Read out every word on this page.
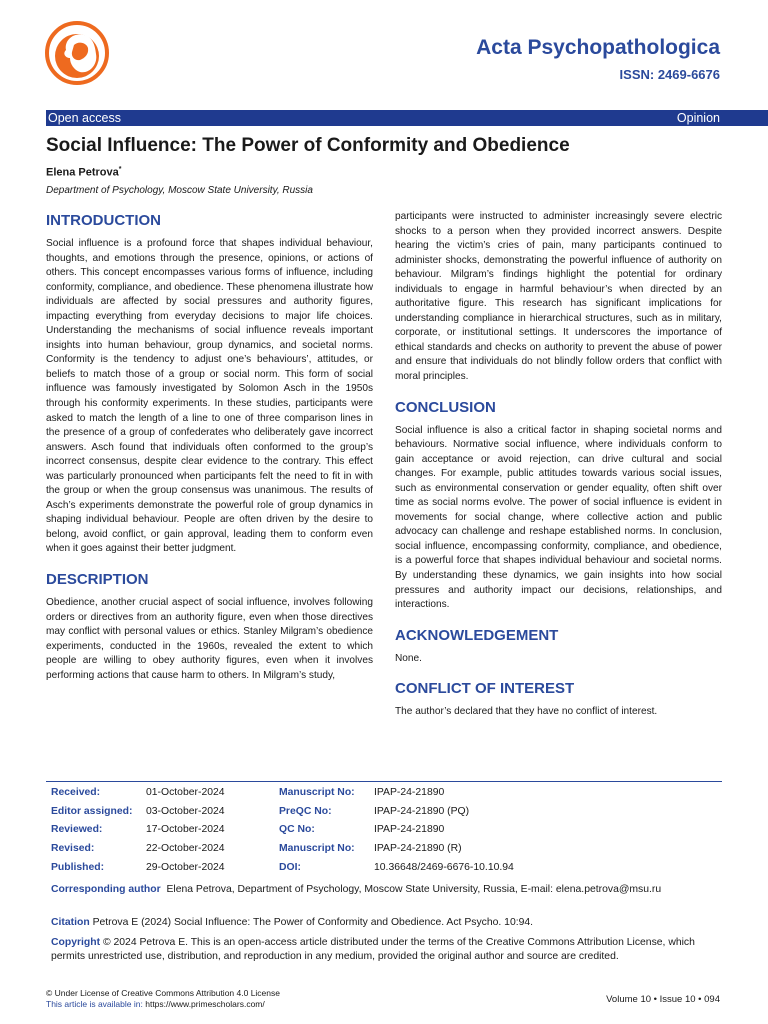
Acta Psychopathologica
ISSN: 2469-6676
Open access	Opinion
Social Influence: The Power of Conformity and Obedience
Elena Petrova*
Department of Psychology, Moscow State University, Russia
INTRODUCTION
Social influence is a profound force that shapes individual behaviour, thoughts, and emotions through the presence, opinions, or actions of others. This concept encompasses various forms of influence, including conformity, compliance, and obedience. These phenomena illustrate how individuals are affected by social pressures and authority figures, impacting everything from everyday decisions to major life choices. Understanding the mechanisms of social influence reveals important insights into human behaviour, group dynamics, and societal norms. Conformity is the tendency to adjust one’s behaviours’, attitudes, or beliefs to match those of a group or social norm. This form of social influence was famously investigated by Solomon Asch in the 1950s through his conformity experiments. In these studies, participants were asked to match the length of a line to one of three comparison lines in the presence of a group of confederates who deliberately gave incorrect answers. Asch found that individuals often conformed to the group’s incorrect consensus, despite clear evidence to the contrary. This effect was particularly pronounced when participants felt the need to fit in with the group or when the group consensus was unanimous. The results of Asch’s experiments demonstrate the powerful role of group dynamics in shaping individual behaviour. People are often driven by the desire to belong, avoid conflict, or gain approval, leading them to conform even when it goes against their better judgment.
DESCRIPTION
Obedience, another crucial aspect of social influence, involves following orders or directives from an authority figure, even when those directives may conflict with personal values or ethics. Stanley Milgram’s obedience experiments, conducted in the 1960s, revealed the extent to which people are willing to obey authority figures, even when it involves performing actions that cause harm to others. In Milgram’s study,
participants were instructed to administer increasingly severe electric shocks to a person when they provided incorrect answers. Despite hearing the victim’s cries of pain, many participants continued to administer shocks, demonstrating the powerful influence of authority on behaviour. Milgram’s findings highlight the potential for ordinary individuals to engage in harmful behaviour’s when directed by an authoritative figure. This research has significant implications for understanding compliance in hierarchical structures, such as in military, corporate, or institutional settings. It underscores the importance of ethical standards and checks on authority to prevent the abuse of power and ensure that individuals do not blindly follow orders that conflict with moral principles.
CONCLUSION
Social influence is also a critical factor in shaping societal norms and behaviours. Normative social influence, where individuals conform to gain acceptance or avoid rejection, can drive cultural and social changes. For example, public attitudes towards various social issues, such as environmental conservation or gender equality, often shift over time as social norms evolve. The power of social influence is evident in movements for social change, where collective action and public advocacy can challenge and reshape established norms. In conclusion, social influence, encompassing conformity, compliance, and obedience, is a powerful force that shapes individual behaviour and societal norms. By understanding these dynamics, we gain insights into how social pressures and authority impact our decisions, relationships, and interactions.
ACKNOWLEDGEMENT
None.
CONFLICT OF INTEREST
The author’s declared that they have no conflict of interest.
Received:	01-October-2024	Manuscript No: IPAP-24-21890
Editor assigned: 03-October-2024	PreQC No:	IPAP-24-21890 (PQ)
Reviewed:	17-October-2024	QC No:	IPAP-24-21890
Revised:	22-October-2024	Manuscript No: IPAP-24-21890 (R)
Published:	29-October-2024	DOI:	10.36648/2469-6676-10.10.94
Corresponding author Elena Petrova, Department of Psychology, Moscow State University, Russia, E-mail: elena.petrova@msu.ru
Citation Petrova E (2024) Social Influence: The Power of Conformity and Obedience. Act Psycho. 10:94.
Copyright © 2024 Petrova E. This is an open-access article distributed under the terms of the Creative Commons Attribution License, which permits unrestricted use, distribution, and reproduction in any medium, provided the original author and source are credited.
© Under License of Creative Commons Attribution 4.0 License
This article is available in: https://www.primescholars.com/	Volume 10 • Issue 10 • 094
